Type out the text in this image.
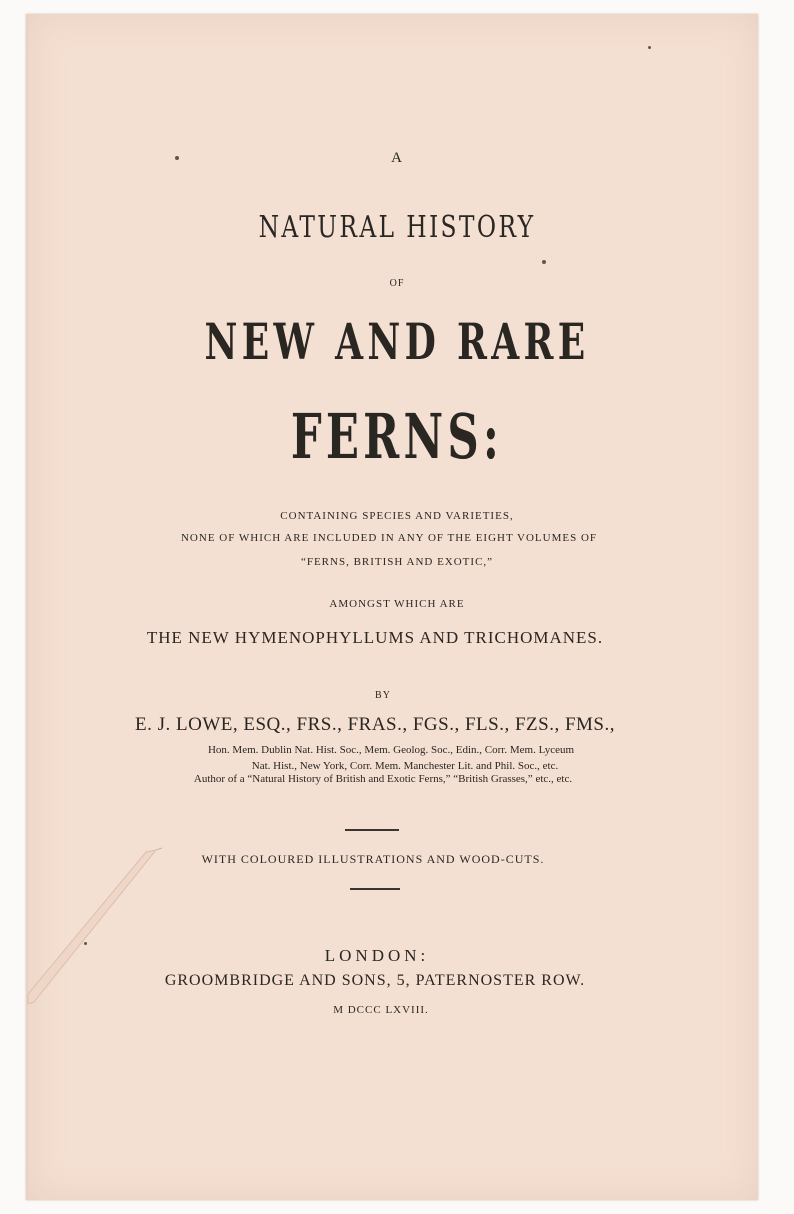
A
NATURAL HISTORY
OF
NEW AND RARE
FERNS:
CONTAINING SPECIES AND VARIETIES,
NONE OF WHICH ARE INCLUDED IN ANY OF THE EIGHT VOLUMES OF
“FERNS, BRITISH AND EXOTIC,”
AMONGST WHICH ARE
THE NEW HYMENOPHYLLUMS AND TRICHOMANES.
BY
E. J. LOWE, ESQ., FRS., FRAS., FGS., FLS., FZS., FMS.,
Hon. Mem. Dublin Nat. Hist. Soc., Mem. Geolog. Soc., Edin., Corr. Mem. Lyceum
Nat. Hist., New York, Corr. Mem. Manchester Lit. and Phil. Soc., etc.
Author of a “Natural History of British and Exotic Ferns,” “British Grasses,” etc., etc.
WITH COLOURED ILLUSTRATIONS AND WOOD-CUTS.
LONDON:
GROOMBRIDGE AND SONS, 5, PATERNOSTER ROW.
M DCCC LXVIII.
